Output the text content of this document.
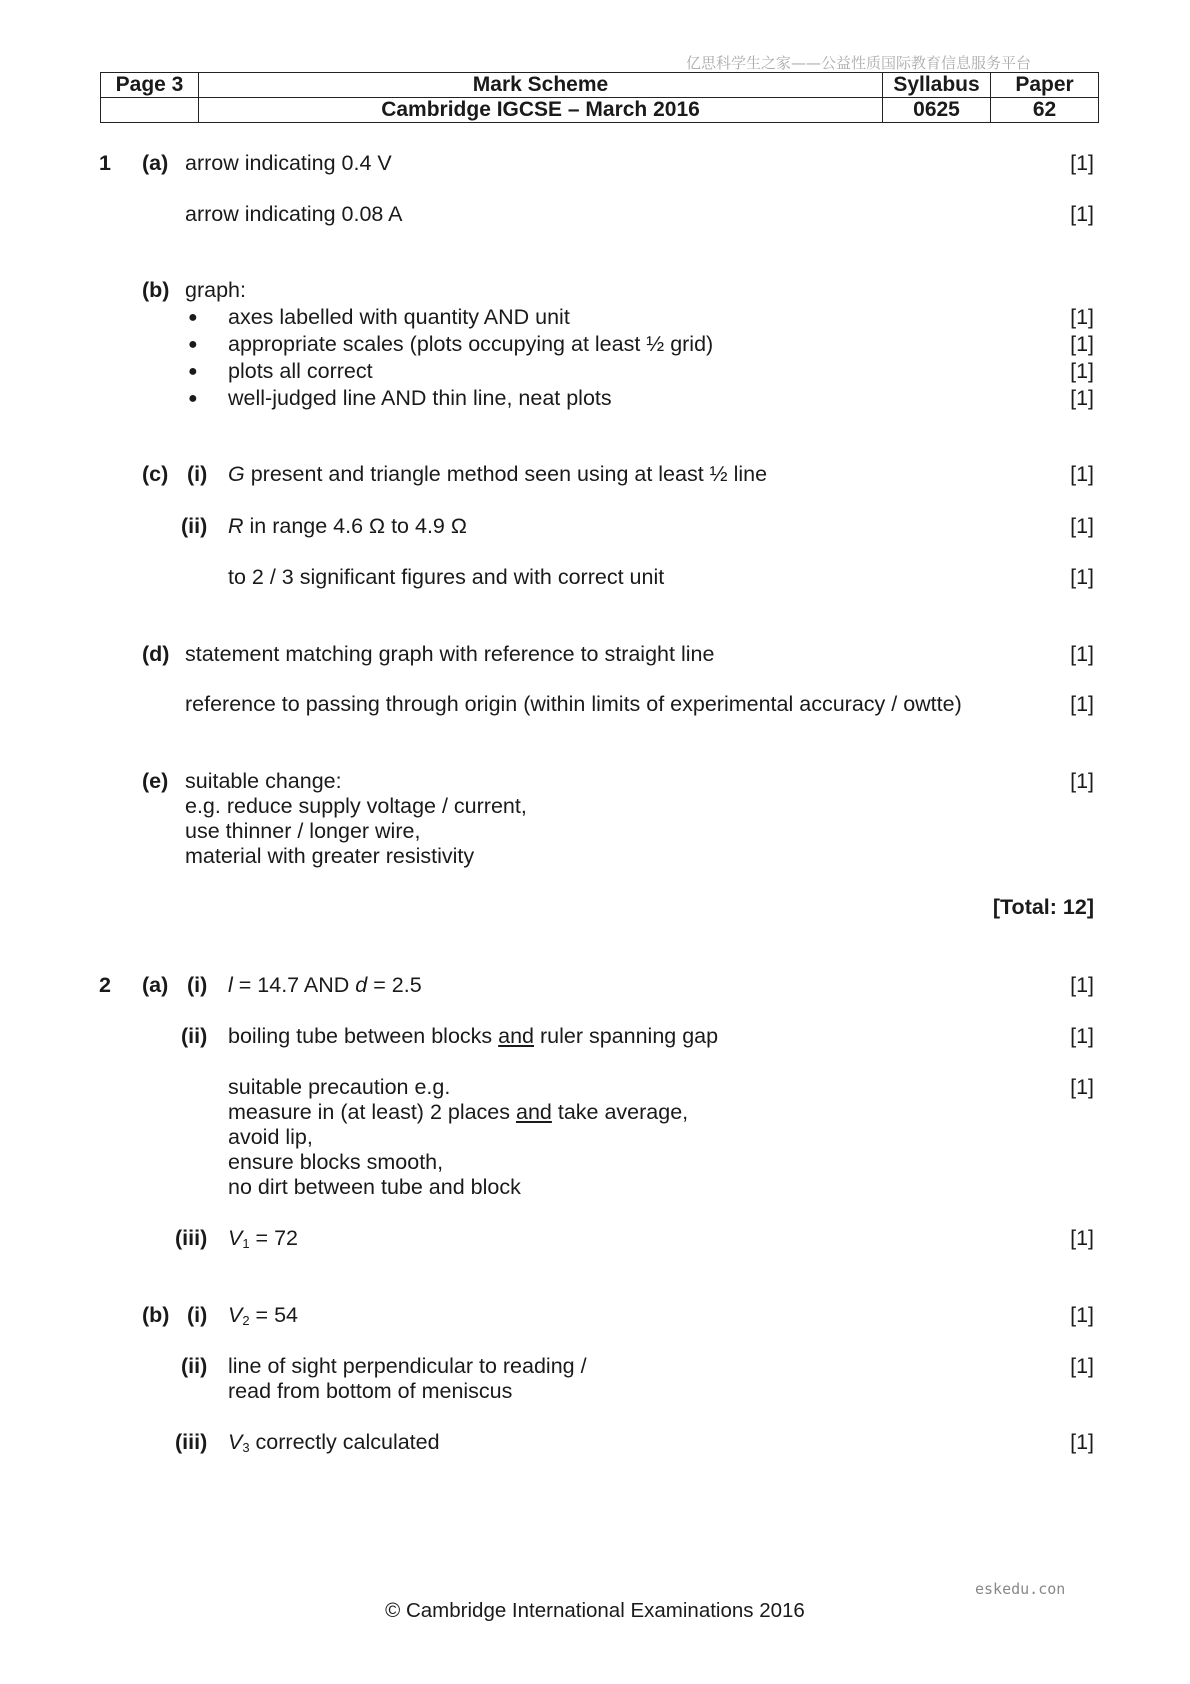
亿思科学生之家——公益性质国际教育信息服务平台
Page 3	Mark Scheme	Syllabus	Paper
	Cambridge IGCSE – March 2016	0625	62
1 (a) arrow indicating 0.4 V	[1]
arrow indicating 0.08 A	[1]
(b) graph:
● axes labelled with quantity AND unit	[1]
● appropriate scales (plots occupying at least ½ grid)	[1]
● plots all correct	[1]
● well-judged line AND thin line, neat plots	[1]
(c) (i) G present and triangle method seen using at least ½ line	[1]
(ii) R in range 4.6 Ω to 4.9 Ω	[1]
to 2 / 3 significant figures and with correct unit	[1]
(d) statement matching graph with reference to straight line	[1]
reference to passing through origin (within limits of experimental accuracy / owtte)	[1]
(e) suitable change:	[1]
e.g. reduce supply voltage / current,
use thinner / longer wire,
material with greater resistivity
[Total: 12]
2 (a) (i) l = 14.7 AND d = 2.5	[1]
(ii) boiling tube between blocks and ruler spanning gap	[1]
suitable precaution e.g.	[1]
measure in (at least) 2 places and take average,
avoid lip,
ensure blocks smooth,
no dirt between tube and block
(iii) $V_1 = 72$	[1]
(b) (i) $V_2 = 54$	[1]
(ii) line of sight perpendicular to reading /	[1]
read from bottom of meniscus
(iii) $V_3$ correctly calculated	[1]
eskedu.con
© Cambridge International Examinations 2016
